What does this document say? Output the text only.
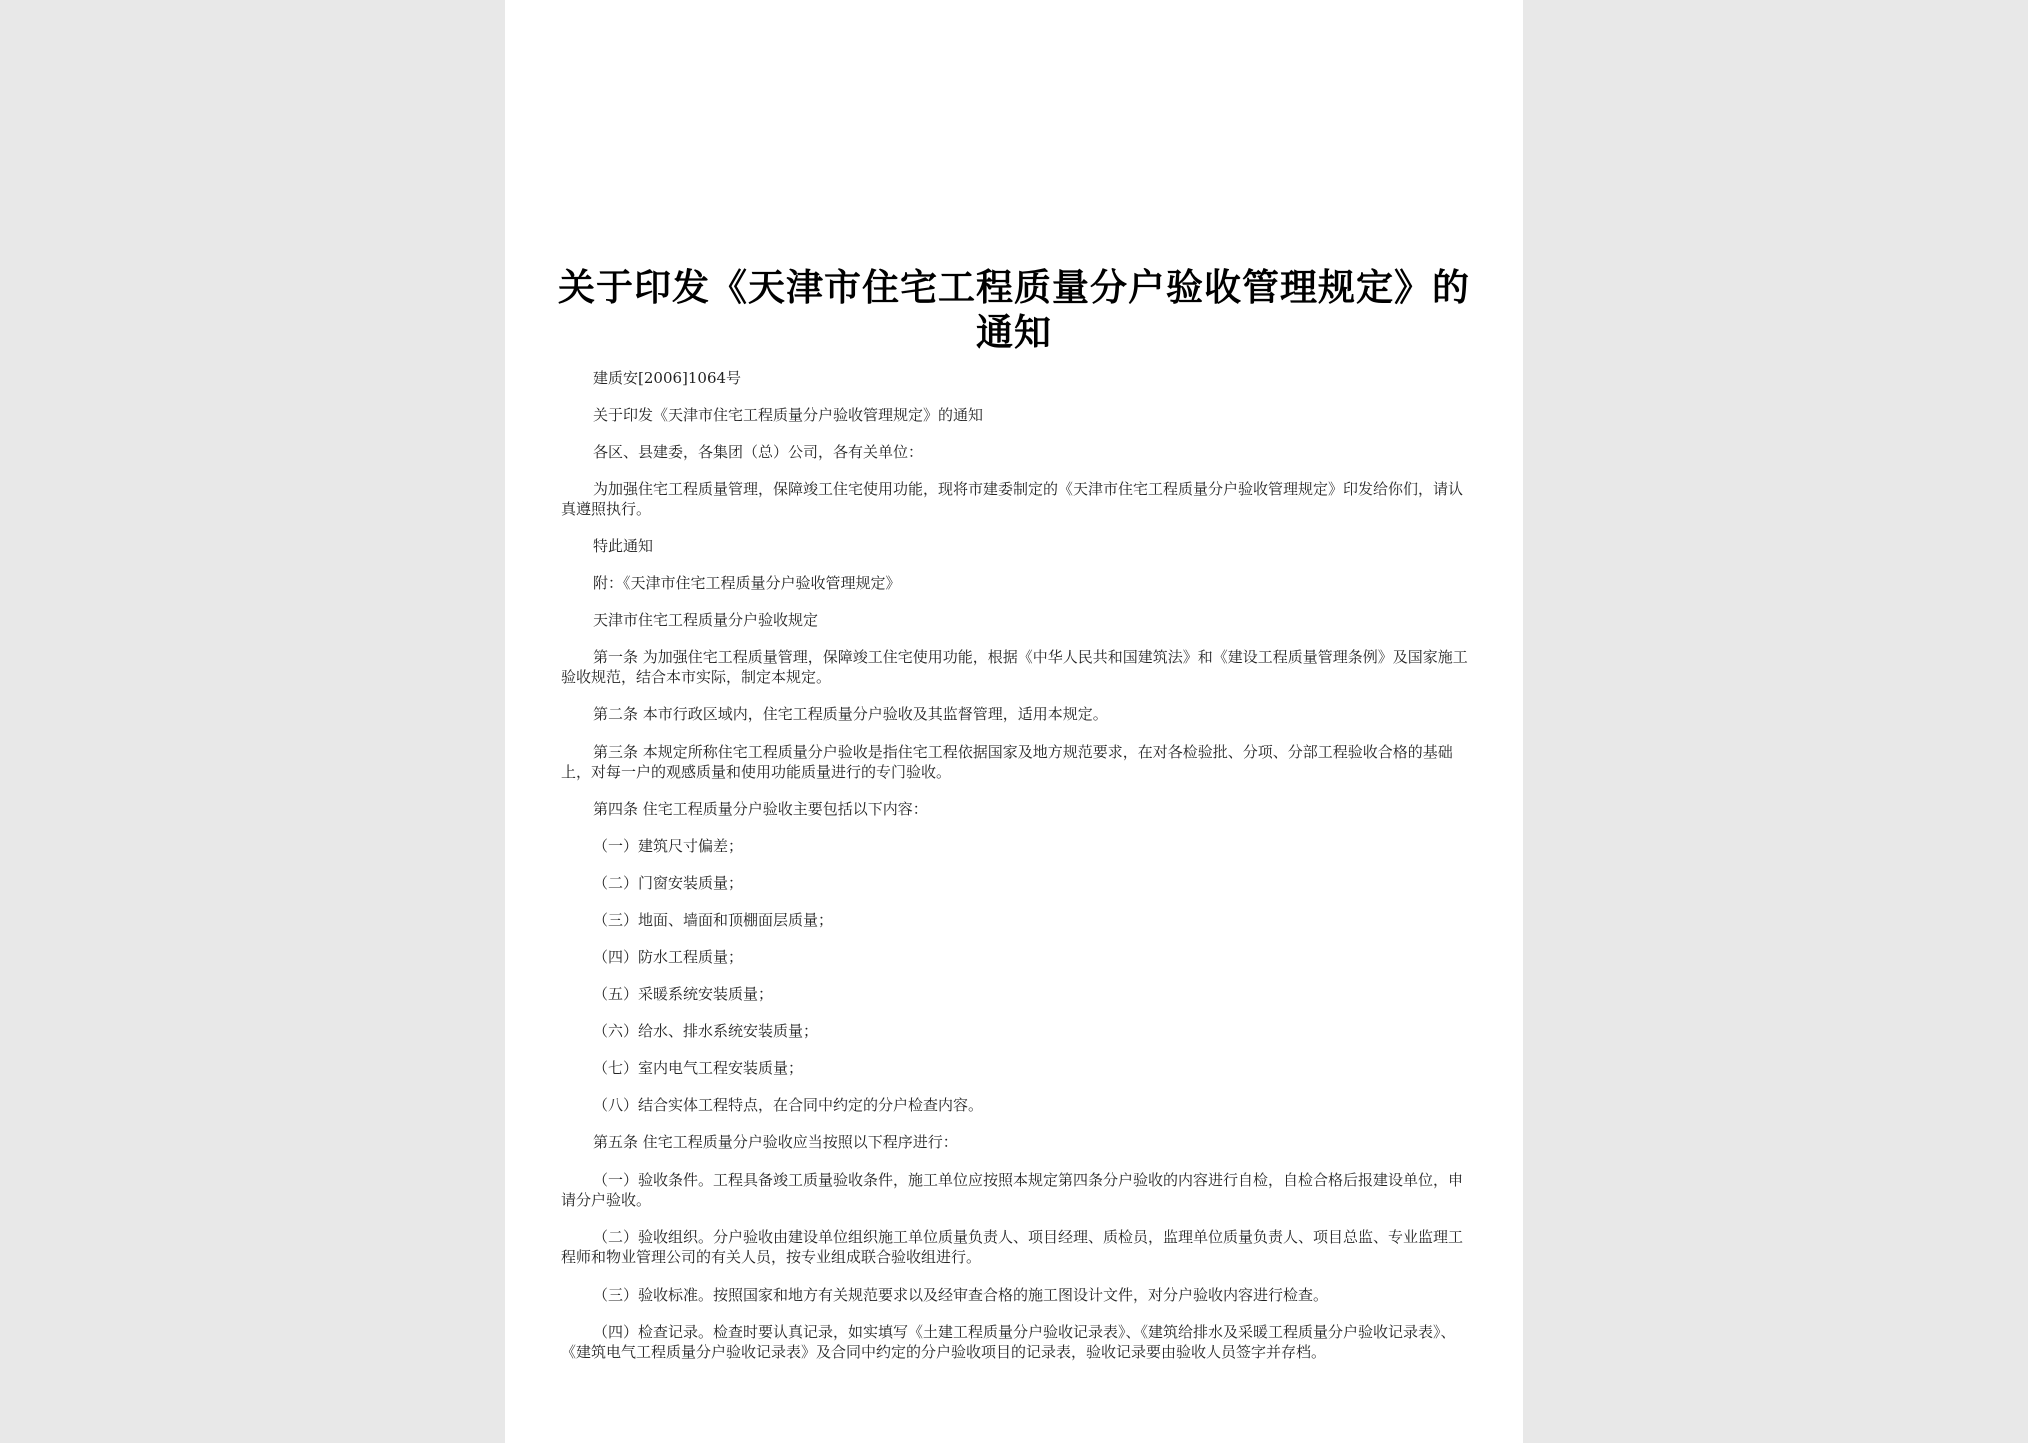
关于印发《天津市住宅工程质量分户验收管理规定》的
通知

建质安[2006]1064号

关于印发《天津市住宅工程质量分户验收管理规定》的通知

各区、县建委，各集团（总）公司，各有关单位：

为加强住宅工程质量管理，保障竣工住宅使用功能，现将市建委制定的《天津市住宅工程质量分户验收管理规定》印发给你们，请认真遵照执行。

特此通知

附：《天津市住宅工程质量分户验收管理规定》

天津市住宅工程质量分户验收规定

第一条 为加强住宅工程质量管理，保障竣工住宅使用功能，根据《中华人民共和国建筑法》和《建设工程质量管理条例》及国家施工验收规范，结合本市实际，制定本规定。

第二条 本市行政区域内，住宅工程质量分户验收及其监督管理，适用本规定。

第三条 本规定所称住宅工程质量分户验收是指住宅工程依据国家及地方规范要求，在对各检验批、分项、分部工程验收合格的基础上，对每一户的观感质量和使用功能质量进行的专门验收。

第四条 住宅工程质量分户验收主要包括以下内容：

（一）建筑尺寸偏差；

（二）门窗安装质量；

（三）地面、墙面和顶棚面层质量；

（四）防水工程质量；

（五）采暖系统安装质量；

（六）给水、排水系统安装质量；

（七）室内电气工程安装质量；

（八）结合实体工程特点，在合同中约定的分户检查内容。

第五条 住宅工程质量分户验收应当按照以下程序进行：

（一）验收条件。工程具备竣工质量验收条件，施工单位应按照本规定第四条分户验收的内容进行自检，自检合格后报建设单位，申请分户验收。

（二）验收组织。分户验收由建设单位组织施工单位质量负责人、项目经理、质检员，监理单位质量负责人、项目总监、专业监理工程师和物业管理公司的有关人员，按专业组成联合验收组进行。

（三）验收标准。按照国家和地方有关规范要求以及经审查合格的施工图设计文件，对分户验收内容进行检查。

（四）检查记录。检查时要认真记录，如实填写《土建工程质量分户验收记录表》、《建筑给排水及采暖工程质量分户验收记录表》、《建筑电气工程质量分户验收记录表》及合同中约定的分户验收项目的记录表，验收记录要由验收人员签字并存档。
